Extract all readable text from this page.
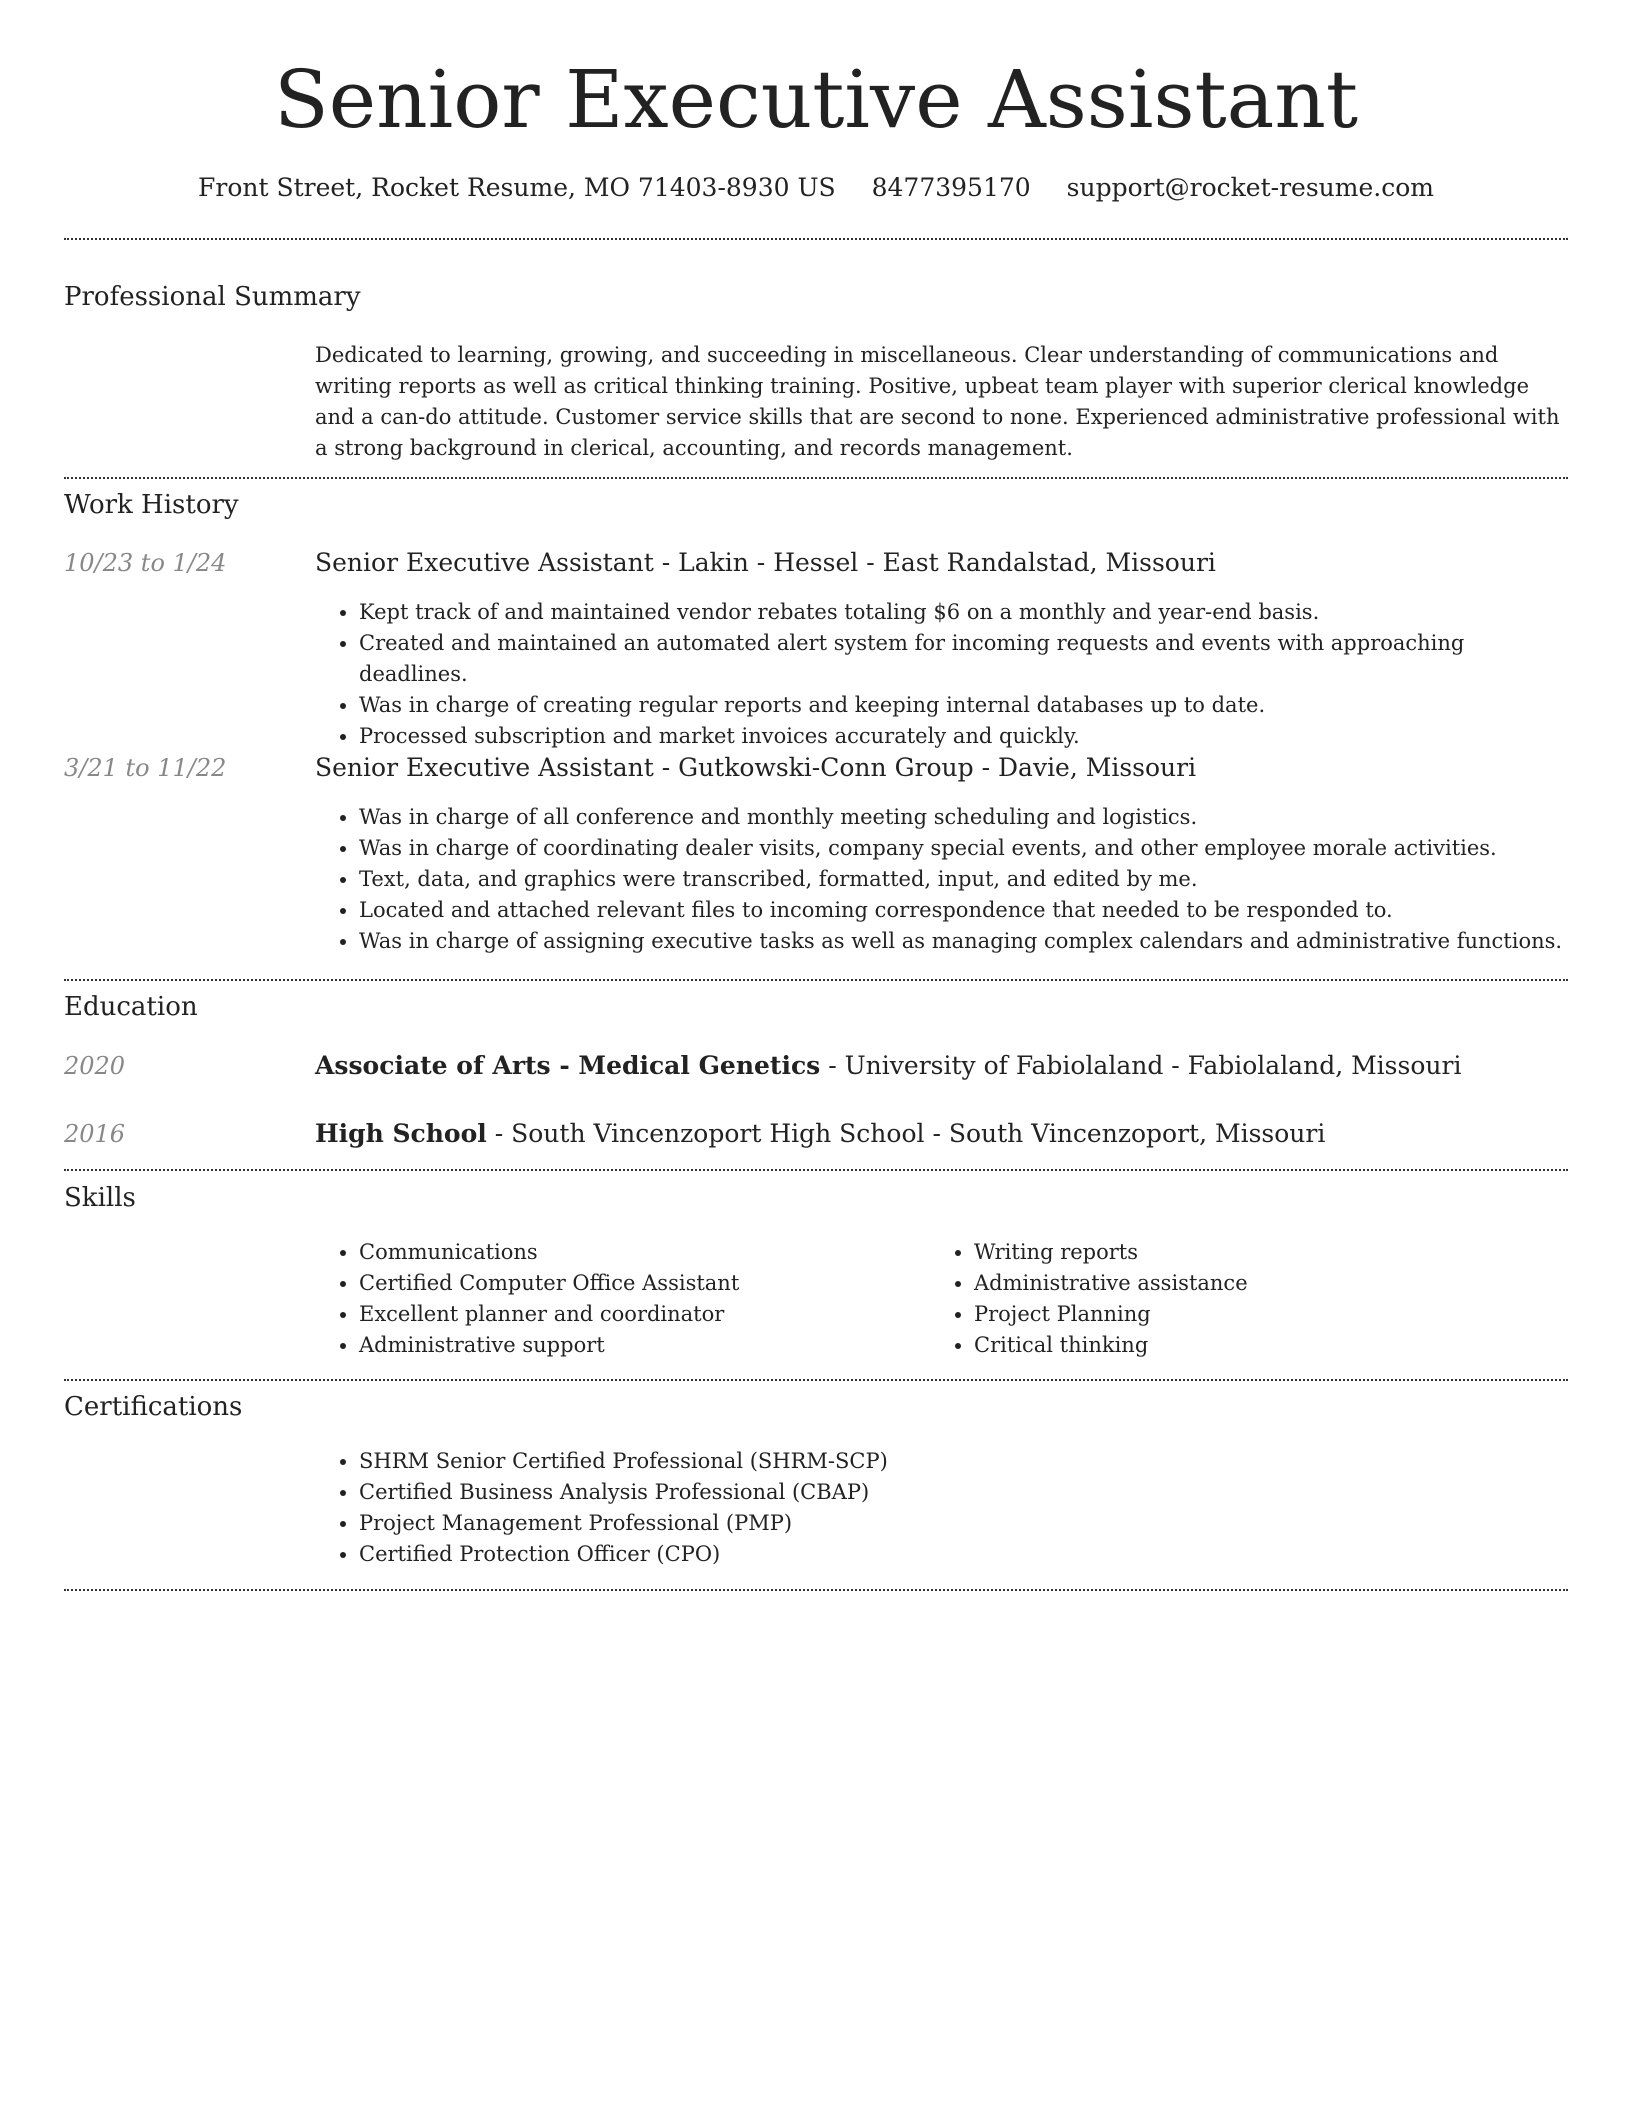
Senior Executive Assistant
Front Street, Rocket Resume, MO 71403-8930 US 8477395170 support@rocket-resume.com
Professional Summary

Dedicated to learning, growing, and succeeding in miscellaneous. Clear understanding of communications and writing reports as well as critical thinking training. Positive, upbeat team player with superior clerical knowledge and a can-do attitude. Customer service skills that are second to none. Experienced administrative professional with a strong background in clerical, accounting, and records management.

Work History
10/23 to 1/24	Senior Executive Assistant - Lakin - Hessel - East Randalstad, Missouri
• Kept track of and maintained vendor rebates totaling $6 on a monthly and year-end basis.
• Created and maintained an automated alert system for incoming requests and events with approaching deadlines.
• Was in charge of creating regular reports and keeping internal databases up to date.
• Processed subscription and market invoices accurately and quickly.
3/21 to 11/22	Senior Executive Assistant - Gutkowski-Conn Group - Davie, Missouri
• Was in charge of all conference and monthly meeting scheduling and logistics.
• Was in charge of coordinating dealer visits, company special events, and other employee morale activities.
• Text, data, and graphics were transcribed, formatted, input, and edited by me.
• Located and attached relevant files to incoming correspondence that needed to be responded to.
• Was in charge of assigning executive tasks as well as managing complex calendars and administrative functions.
Education
2020	Associate of Arts - Medical Genetics - University of Fabiolaland - Fabiolaland, Missouri
2016	High School - South Vincenzoport High School - South Vincenzoport, Missouri
Skills
• Communications
• Certified Computer Office Assistant
• Excellent planner and coordinator
• Administrative support
• Writing reports
• Administrative assistance
• Project Planning
• Critical thinking
Certifications
• SHRM Senior Certified Professional (SHRM-SCP)
• Certified Business Analysis Professional (CBAP)
• Project Management Professional (PMP)
• Certified Protection Officer (CPO)
